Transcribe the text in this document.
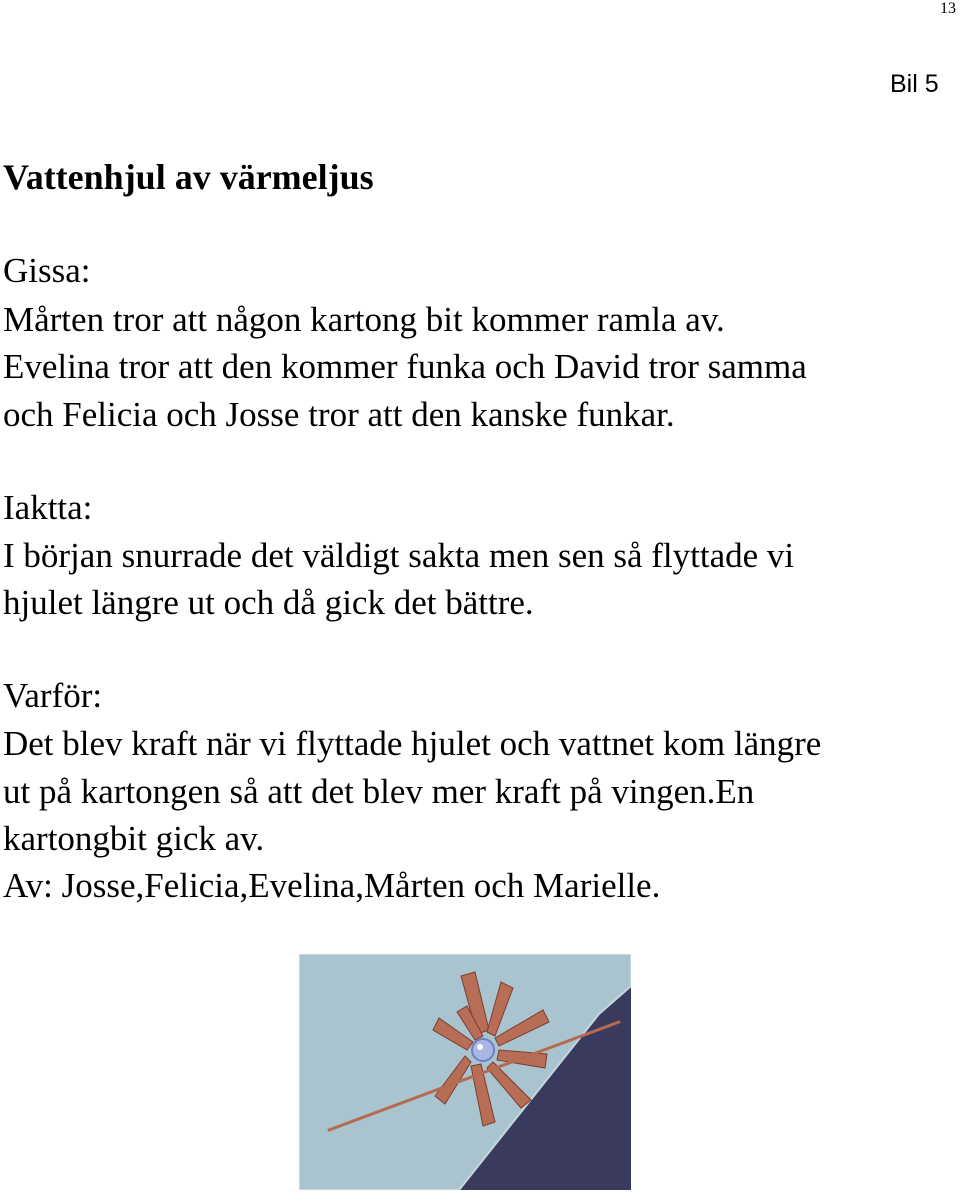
13
Bil 5
Vattenhjul av värmeljus
Gissa:
Mårten tror att någon kartong bit kommer ramla av.
Evelina tror att den kommer funka och David tror samma
och Felicia och Josse tror att den kanske funkar.
Iaktta:
I början snurrade det väldigt sakta men sen så flyttade vi
hjulet längre ut och då gick det bättre.
Varför:
Det blev kraft när vi flyttade hjulet och vattnet kom längre
ut på kartongen så att det blev mer kraft på vingen.En
kartongbit gick av.
Av: Josse,Felicia,Evelina,Mårten och Marielle.
